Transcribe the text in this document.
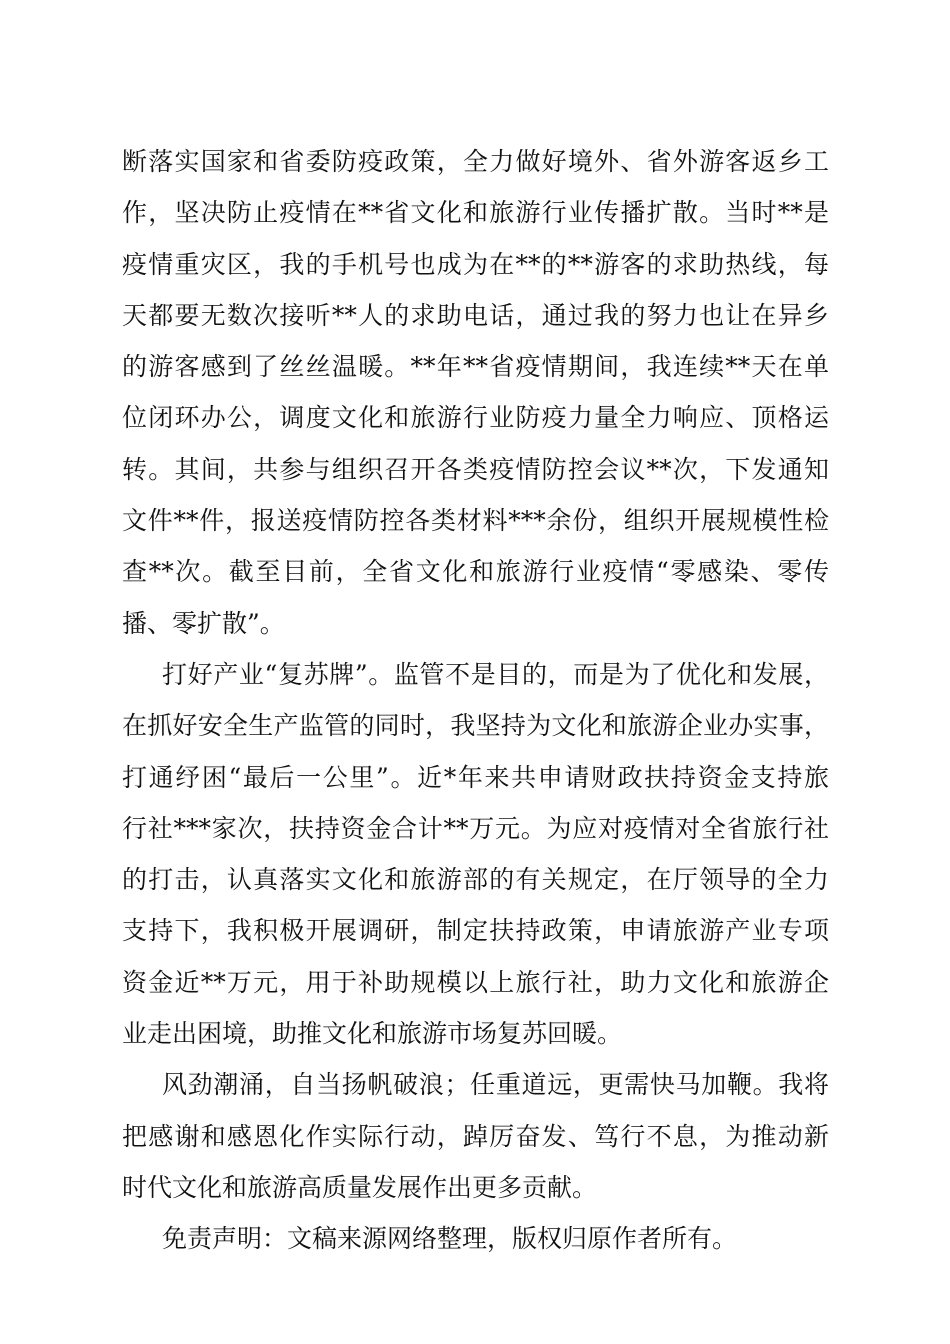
断落实国家和省委防疫政策，全力做好境外、省外游客返乡工
作，坚决防止疫情在**省文化和旅游行业传播扩散。当时**是
疫情重灾区，我的手机号也成为在**的**游客的求助热线，每
天都要无数次接听**人的求助电话，通过我的努力也让在异乡
的游客感到了丝丝温暖。**年**省疫情期间，我连续**天在单
位闭环办公，调度文化和旅游行业防疫力量全力响应、顶格运
转。其间，共参与组织召开各类疫情防控会议**次，下发通知
文件**件，报送疫情防控各类材料***余份，组织开展规模性检
查**次。截至目前，全省文化和旅游行业疫情“零感染、零传
播、零扩散”。
打好产业“复苏牌”。监管不是目的，而是为了优化和发展，
在抓好安全生产监管的同时，我坚持为文化和旅游企业办实事，
打通纾困“最后一公里”。近*年来共申请财政扶持资金支持旅
行社***家次，扶持资金合计**万元。为应对疫情对全省旅行社
的打击，认真落实文化和旅游部的有关规定，在厅领导的全力
支持下，我积极开展调研，制定扶持政策，申请旅游产业专项
资金近**万元，用于补助规模以上旅行社，助力文化和旅游企
业走出困境，助推文化和旅游市场复苏回暖。
风劲潮涌，自当扬帆破浪；任重道远，更需快马加鞭。我将
把感谢和感恩化作实际行动，踔厉奋发、笃行不息，为推动新
时代文化和旅游高质量发展作出更多贡献。
免责声明：文稿来源网络整理，版权归原作者所有。
